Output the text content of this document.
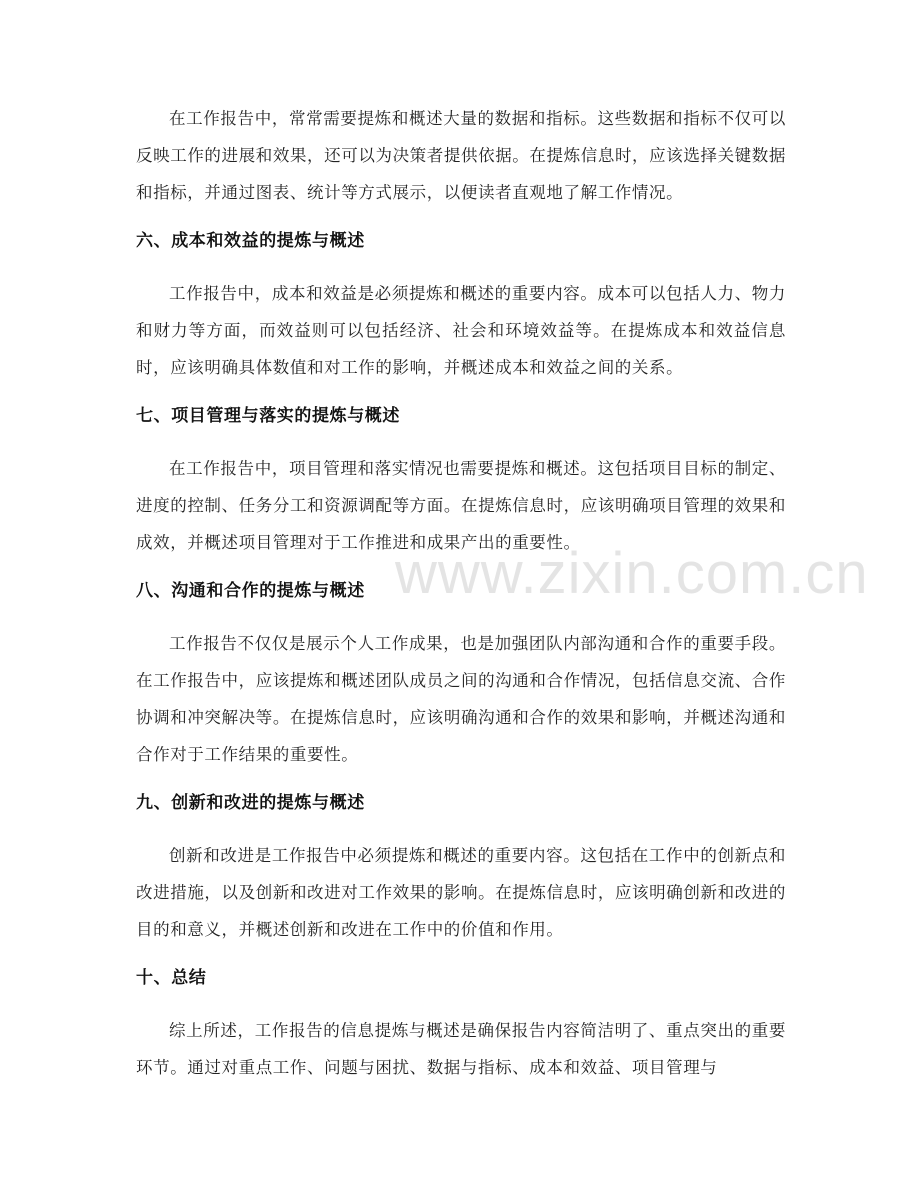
在工作报告中，常常需要提炼和概述大量的数据和指标。这些数据和指标不仅可以反映工作的进展和效果，还可以为决策者提供依据。在提炼信息时，应该选择关键数据和指标，并通过图表、统计等方式展示，以便读者直观地了解工作情况。

六、成本和效益的提炼与概述

工作报告中，成本和效益是必须提炼和概述的重要内容。成本可以包括人力、物力和财力等方面，而效益则可以包括经济、社会和环境效益等。在提炼成本和效益信息时，应该明确具体数值和对工作的影响，并概述成本和效益之间的关系。

七、项目管理与落实的提炼与概述

在工作报告中，项目管理和落实情况也需要提炼和概述。这包括项目目标的制定、进度的控制、任务分工和资源调配等方面。在提炼信息时，应该明确项目管理的效果和成效，并概述项目管理对于工作推进和成果产出的重要性。

八、沟通和合作的提炼与概述

工作报告不仅仅是展示个人工作成果，也是加强团队内部沟通和合作的重要手段。在工作报告中，应该提炼和概述团队成员之间的沟通和合作情况，包括信息交流、合作协调和冲突解决等。在提炼信息时，应该明确沟通和合作的效果和影响，并概述沟通和合作对于工作结果的重要性。

九、创新和改进的提炼与概述

创新和改进是工作报告中必须提炼和概述的重要内容。这包括在工作中的创新点和改进措施，以及创新和改进对工作效果的影响。在提炼信息时，应该明确创新和改进的目的和意义，并概述创新和改进在工作中的价值和作用。

十、总结

综上所述，工作报告的信息提炼与概述是确保报告内容简洁明了、重点突出的重要环节。通过对重点工作、问题与困扰、数据与指标、成本和效益、项目管理与

www.zixin.com.cn
